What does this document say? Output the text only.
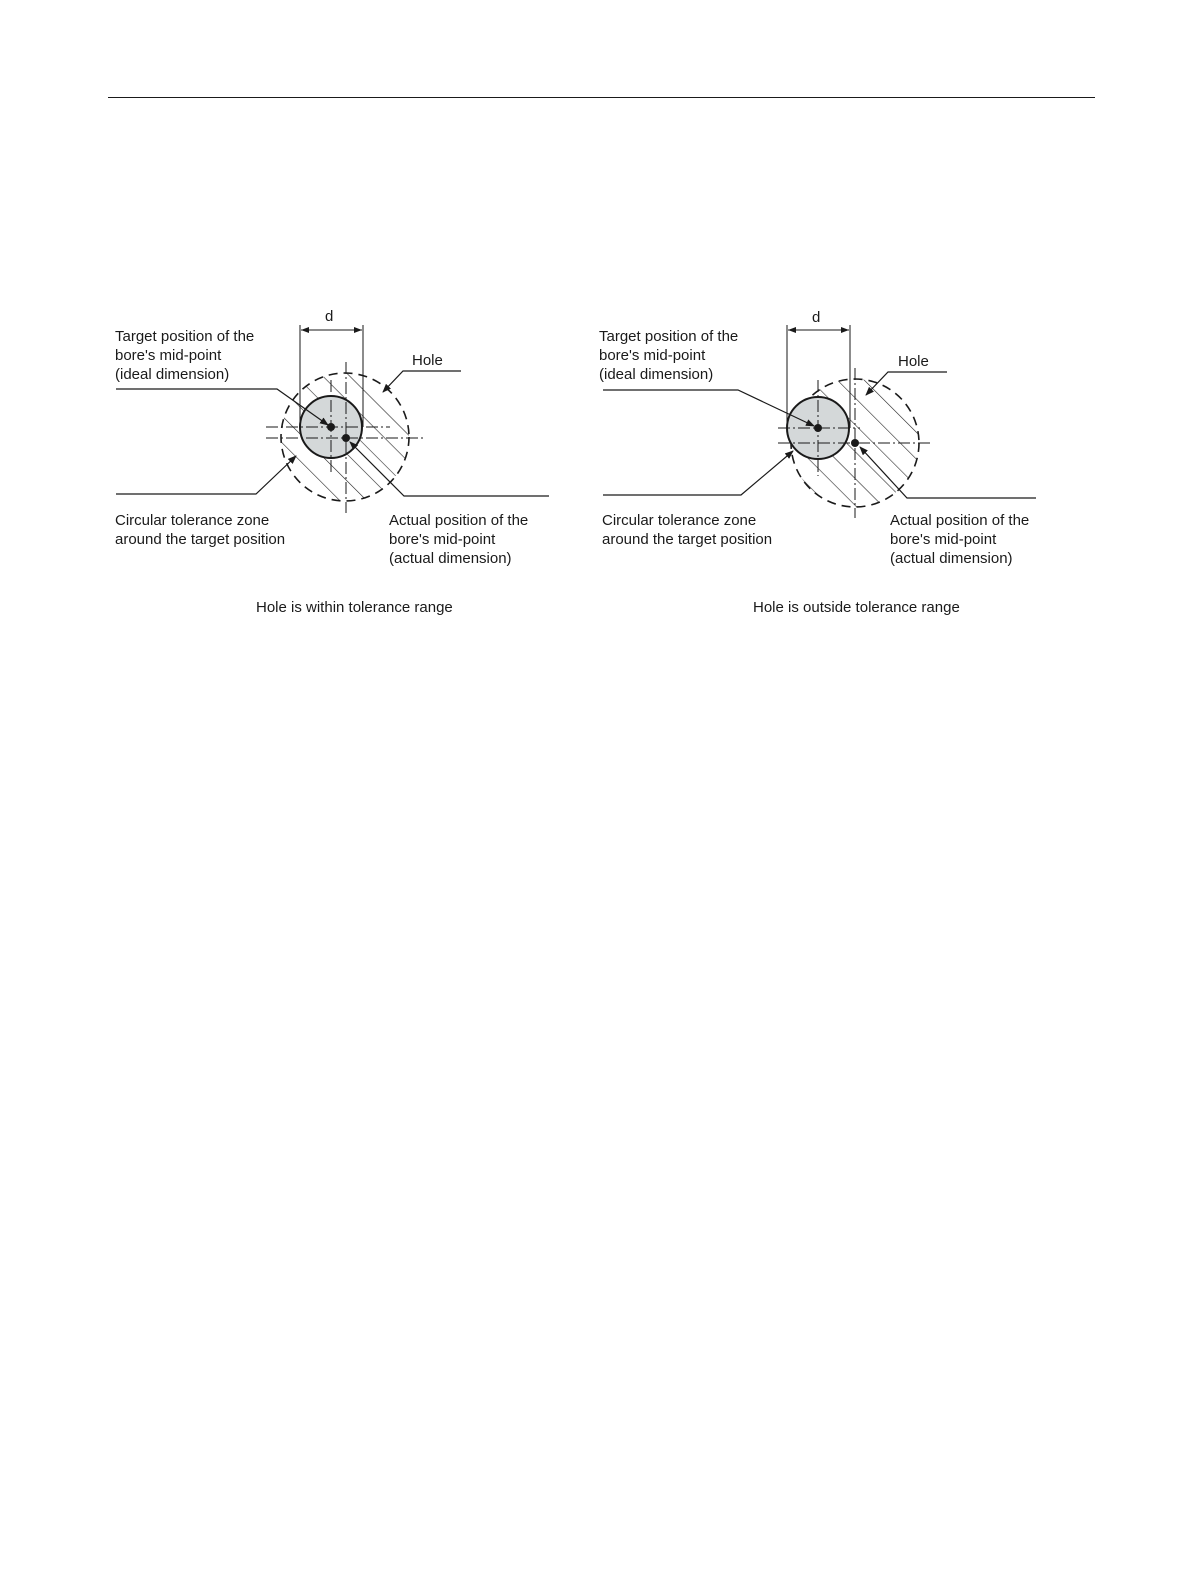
d
Target position of the bore's mid-point (ideal dimension)
Hole
Circular tolerance zone around the target position
Actual position of the bore's mid-point (actual dimension)
d
Target position of the bore's mid-point (ideal dimension)
Hole
Circular tolerance zone around the target position
Actual position of the bore's mid-point (actual dimension)
Hole is within tolerance range	Hole is outside tolerance range
